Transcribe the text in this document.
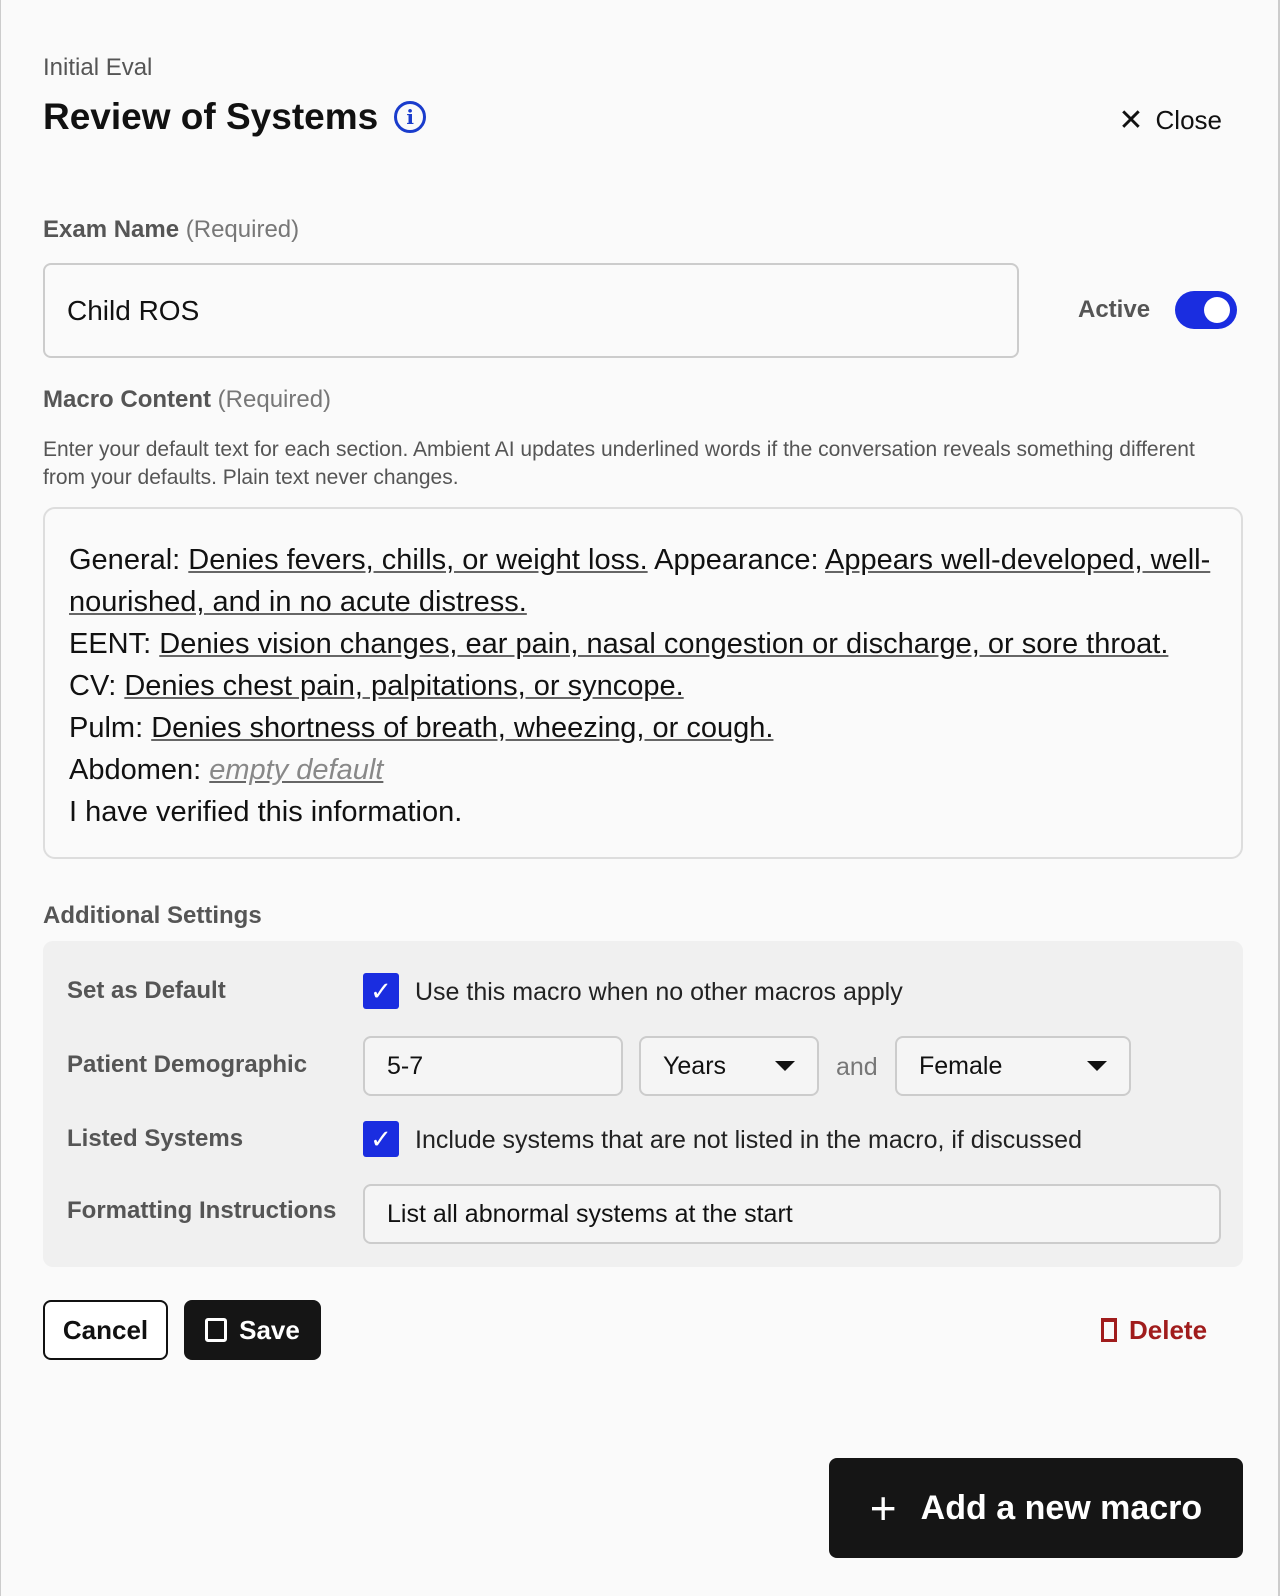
Initial Eval
Review of Systems	i	✕ Close
Exam Name (Required)
Child ROS	Active
Macro Content (Required)
Enter your default text for each section. Ambient AI updates underlined words if the conversation reveals something different from your defaults. Plain text never changes.
General: Denies fevers, chills, or weight loss. Appearance: Appears well-developed, well-nourished, and in no acute distress.
EENT: Denies vision changes, ear pain, nasal congestion or discharge, or sore throat.
CV: Denies chest pain, palpitations, or syncope.
Pulm: Denies shortness of breath, wheezing, or cough.
Abdomen: empty default
I have verified this information.
Additional Settings
Set as Default	✓ Use this macro when no other macros apply
Patient Demographic	5-7	Years	and Female
Listed Systems	✓ Include systems that are not listed in the macro, if discussed
Formatting Instructions	List all abnormal systems at the start
Cancel	Save	Delete
+ Add a new macro
